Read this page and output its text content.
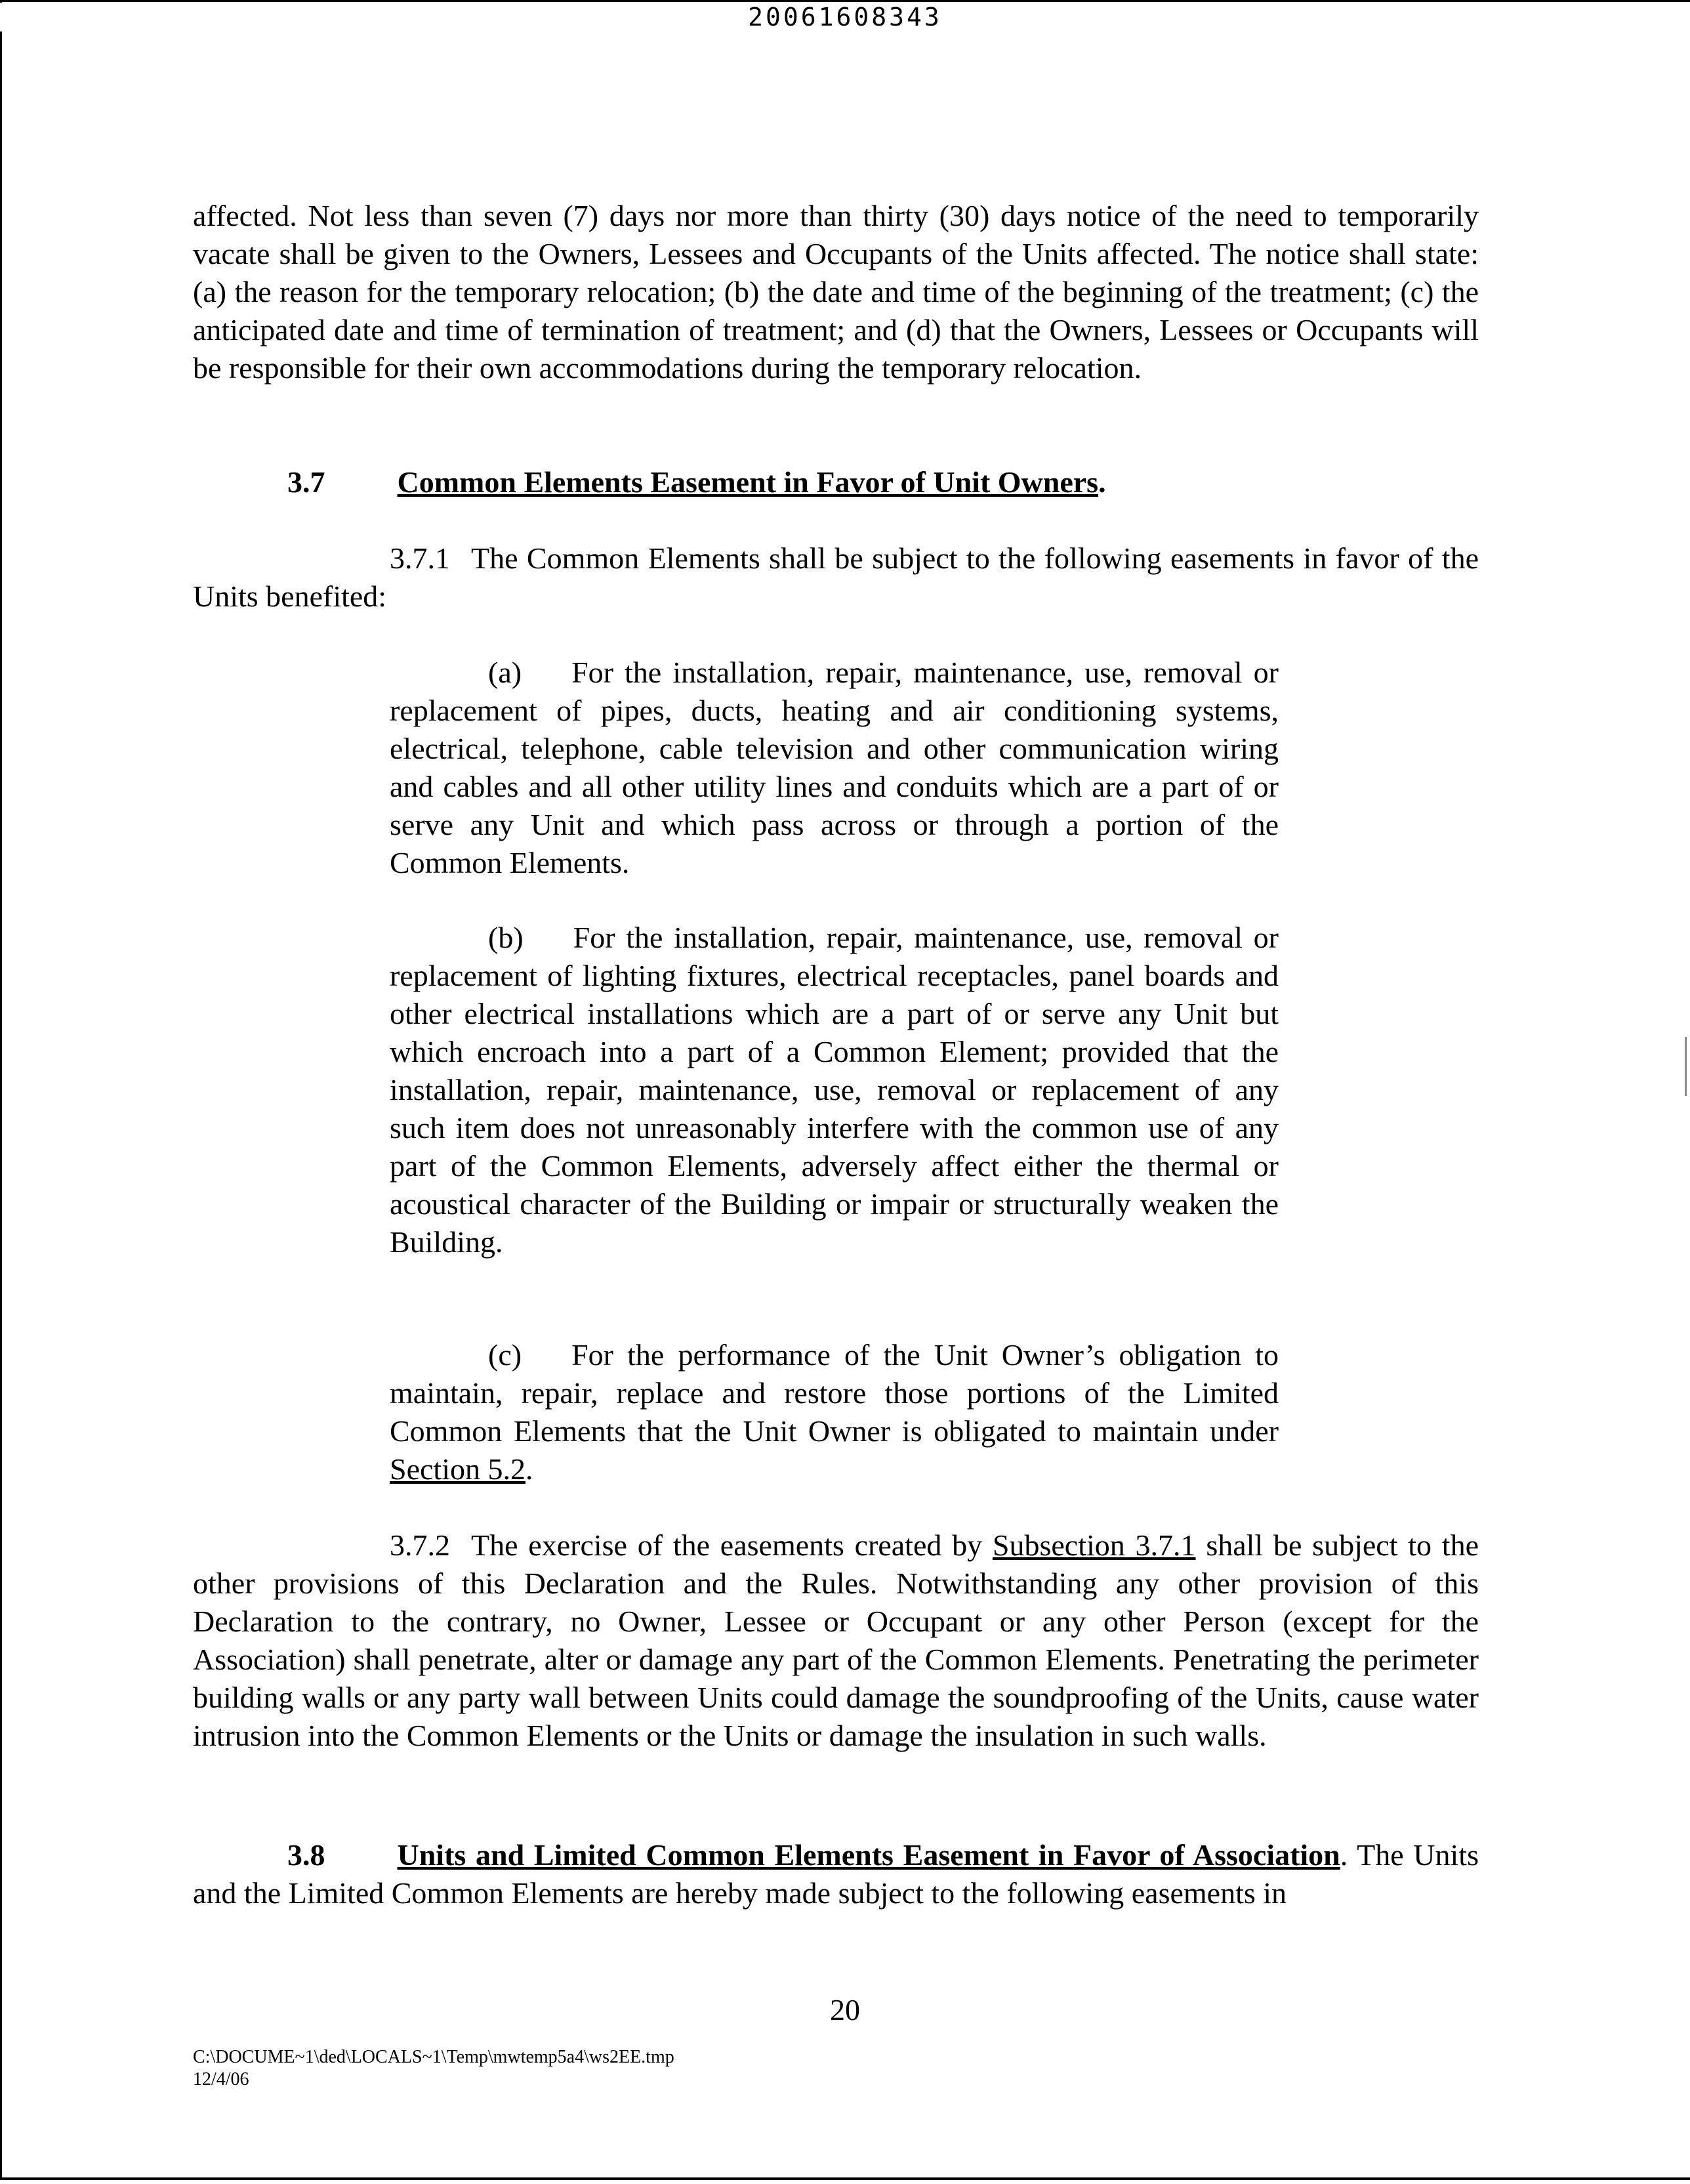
20061608343

affected. Not less than seven (7) days nor more than thirty (30) days notice of the need to temporarily vacate shall be given to the Owners, Lessees and Occupants of the Units affected. The notice shall state: (a) the reason for the temporary relocation; (b) the date and time of the beginning of the treatment; (c) the anticipated date and time of termination of treatment; and (d) that the Owners, Lessees or Occupants will be responsible for their own accommodations during the temporary relocation.

3.7 Common Elements Easement in Favor of Unit Owners.

3.7.1 The Common Elements shall be subject to the following easements in favor of the Units benefited:

(a) For the installation, repair, maintenance, use, removal or replacement of pipes, ducts, heating and air conditioning systems, electrical, telephone, cable television and other communication wiring and cables and all other utility lines and conduits which are a part of or serve any Unit and which pass across or through a portion of the Common Elements.

(b) For the installation, repair, maintenance, use, removal or replacement of lighting fixtures, electrical receptacles, panel boards and other electrical installations which are a part of or serve any Unit but which encroach into a part of a Common Element; provided that the installation, repair, maintenance, use, removal or replacement of any such item does not unreasonably interfere with the common use of any part of the Common Elements, adversely affect either the thermal or acoustical character of the Building or impair or structurally weaken the Building.

(c) For the performance of the Unit Owner’s obligation to maintain, repair, replace and restore those portions of the Limited Common Elements that the Unit Owner is obligated to maintain under Section 5.2.

3.7.2 The exercise of the easements created by Subsection 3.7.1 shall be subject to the other provisions of this Declaration and the Rules. Notwithstanding any other provision of this Declaration to the contrary, no Owner, Lessee or Occupant or any other Person (except for the Association) shall penetrate, alter or damage any part of the Common Elements. Penetrating the perimeter building walls or any party wall between Units could damage the soundproofing of the Units, cause water intrusion into the Common Elements or the Units or damage the insulation in such walls.

3.8 Units and Limited Common Elements Easement in Favor of Association. The Units and the Limited Common Elements are hereby made subject to the following easements in

20
C:\DOCUME~1\ded\LOCALS~1\Temp\mwtemp5a4\ws2EE.tmp
12/4/06
